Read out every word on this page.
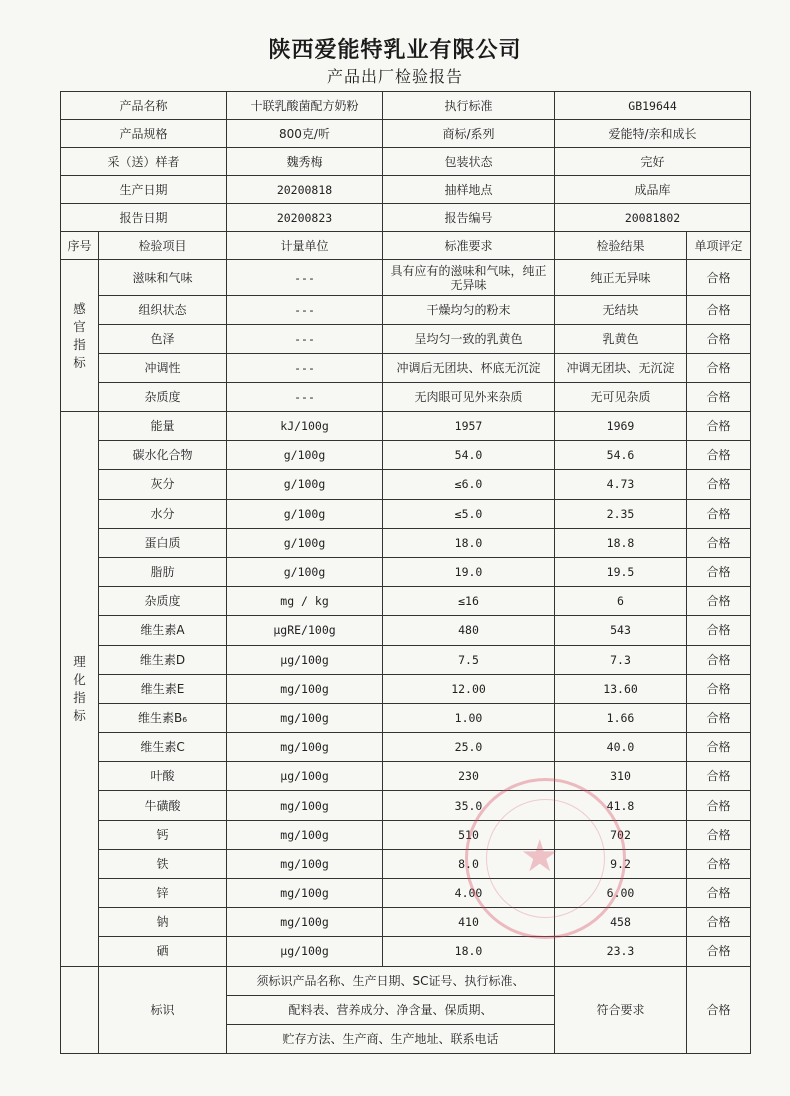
陕西爱能特乳业有限公司
产品出厂检验报告
产品名称		十联乳酸菌配方奶粉	执行标准	GB19644	
产品规格		800克/听	商标/系列	爱能特/亲和成长	
采（送）样者		魏秀梅	包装状态	完好	
生产日期		20200818	抽样地点	成品库	
报告日期		20200823	报告编号	20081802	
序号	检验项目	计量单位	标准要求	检验结果	单项评定

感
官
指
标	滋味和气味	---	具有应有的滋味和气味，纯正无异味	纯正无异味	合格
	组织状态	---	干燥均匀的粉末	无结块	合格
	色泽	---	呈均匀一致的乳黄色	乳黄色	合格
	冲调性	---	冲调后无团块、杯底无沉淀	冲调无团块、无沉淀	合格
	杂质度	---	无肉眼可见外来杂质	无可见杂质	合格

理
化
指
标	能量	kJ/100g	1957	1969	合格
	碳水化合物	g/100g	54.0	54.6	合格
	灰分	g/100g	≤6.0	4.73	合格
	水分	g/100g	≤5.0	2.35	合格
	蛋白质	g/100g	18.0	18.8	合格
	脂肪	g/100g	19.0	19.5	合格
	杂质度	mg / kg	≤16	6	合格
	维生素A	μgRE/100g	480	543	合格
	维生素D	μg/100g	7.5	7.3	合格
	维生素E	mg/100g	12.00	13.60	合格
	维生素B₆	mg/100g	1.00	1.66	合格
	维生素C	mg/100g	25.0	40.0	合格
	叶酸	μg/100g	230	310	合格
	牛磺酸	mg/100g	35.0	41.8	合格
	钙	mg/100g	510	702	合格
	铁	mg/100g	8.0	9.2	合格
	锌	mg/100g	4.00	6.00	合格
	钠	mg/100g	410	458	合格
	硒	μg/100g	18.0	23.3	合格
	标识	须标识产品名称、生产日期、SC证号、执行标准、
配料表、营养成分、净含量、保质期、
贮存方法、生产商、生产地址、联系电话		符合要求	合格
★
